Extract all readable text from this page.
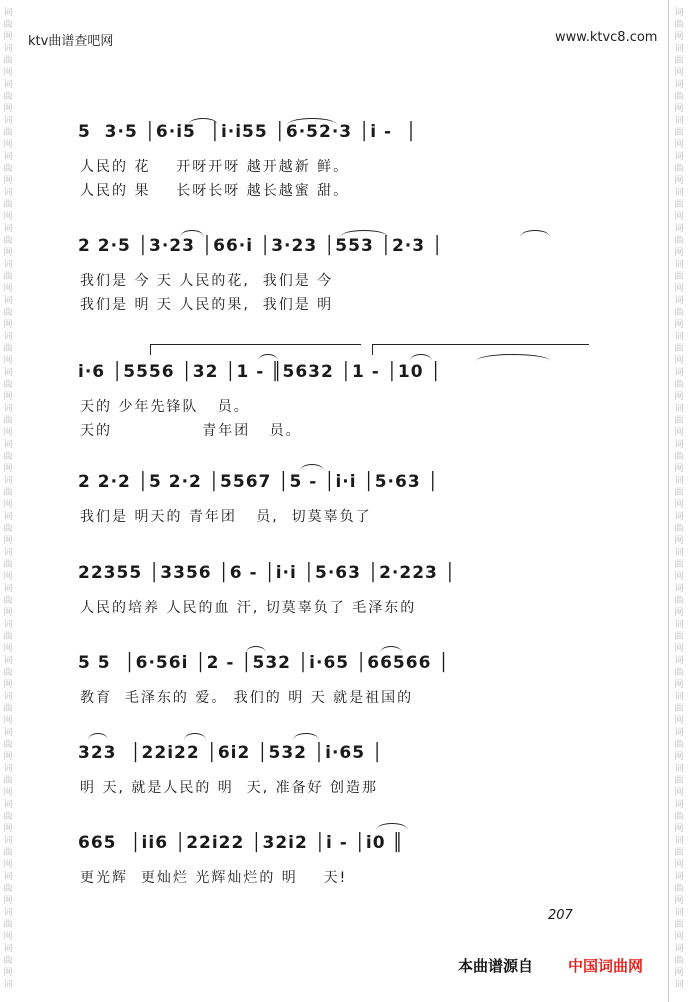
ktv曲谱查吧网	www.ktvc8.com
词
曲
网
词
曲
网
词
曲
网
词
曲
网
词
曲
网
词
曲
网
词
曲
网
词
曲
网
词
曲
网
词
曲
网
词
曲
网
词
曲
网
词
曲
网
词
曲
网
词
曲
网
词
曲
网
词
曲
网
词
曲
网
词
曲
网
词
曲
网
词
曲
网
词
曲
网
词
曲
网
词
曲
网
词
曲
网
词
曲
网
词
曲
网
词
词
曲
网
词
曲
网
词
曲
网
词
曲
网
词
曲
网
词
曲
网
词
曲
网
词
曲
网
词
曲
网
词
曲
网
词
曲
网
词
曲
网
词
曲
网
词
曲
网
词
曲
网
词
曲
网
词
曲
网
词
曲
网
词
曲
网
词
曲
网
词
曲
网
词
曲
网
词
曲
网
词
曲
网
词
曲
网
词
曲
网
词
曲
网
词
5  3·5 │6·i5  │i·i55 │6·52·3 │i -  │
人民的 花    开呀开呀 越开越新 鲜。
人民的 果    长呀长呀 越长越蜜 甜。
2 2·5 │3·23 │66·i │3·23 │553 │2·3 │
我们是 今 天 人民的花,  我们是 今
我们是 明 天 人民的果,  我们是 明
i·6 │5556 │32 │1 - ║5632 │1 - │10 │
天的 少年先锋队   员。
天的              青年团   员。
2 2·2 │5 2·2 │5567 │5 - │i·i │5·63 │
我们是 明天的 青年团   员,  切莫辜负了
22355 │3356 │6 - │i·i │5·63 │2·223 │
人民的培养 人民的血 汗, 切莫辜负了 毛泽东的
5 5  │6·56i │2 - │532 │i·65 │66566 │
教育  毛泽东的 爱。 我们的 明 天 就是祖国的
323  │22i22 │6i2 │532 │i·65 │
明 天, 就是人民的 明  天, 准备好 创造那
665  │ii6 │22i22 │32i2 │i - │i0 ║
更光辉  更灿烂 光辉灿烂的 明    天!
207
本曲谱源自 中国词曲网
